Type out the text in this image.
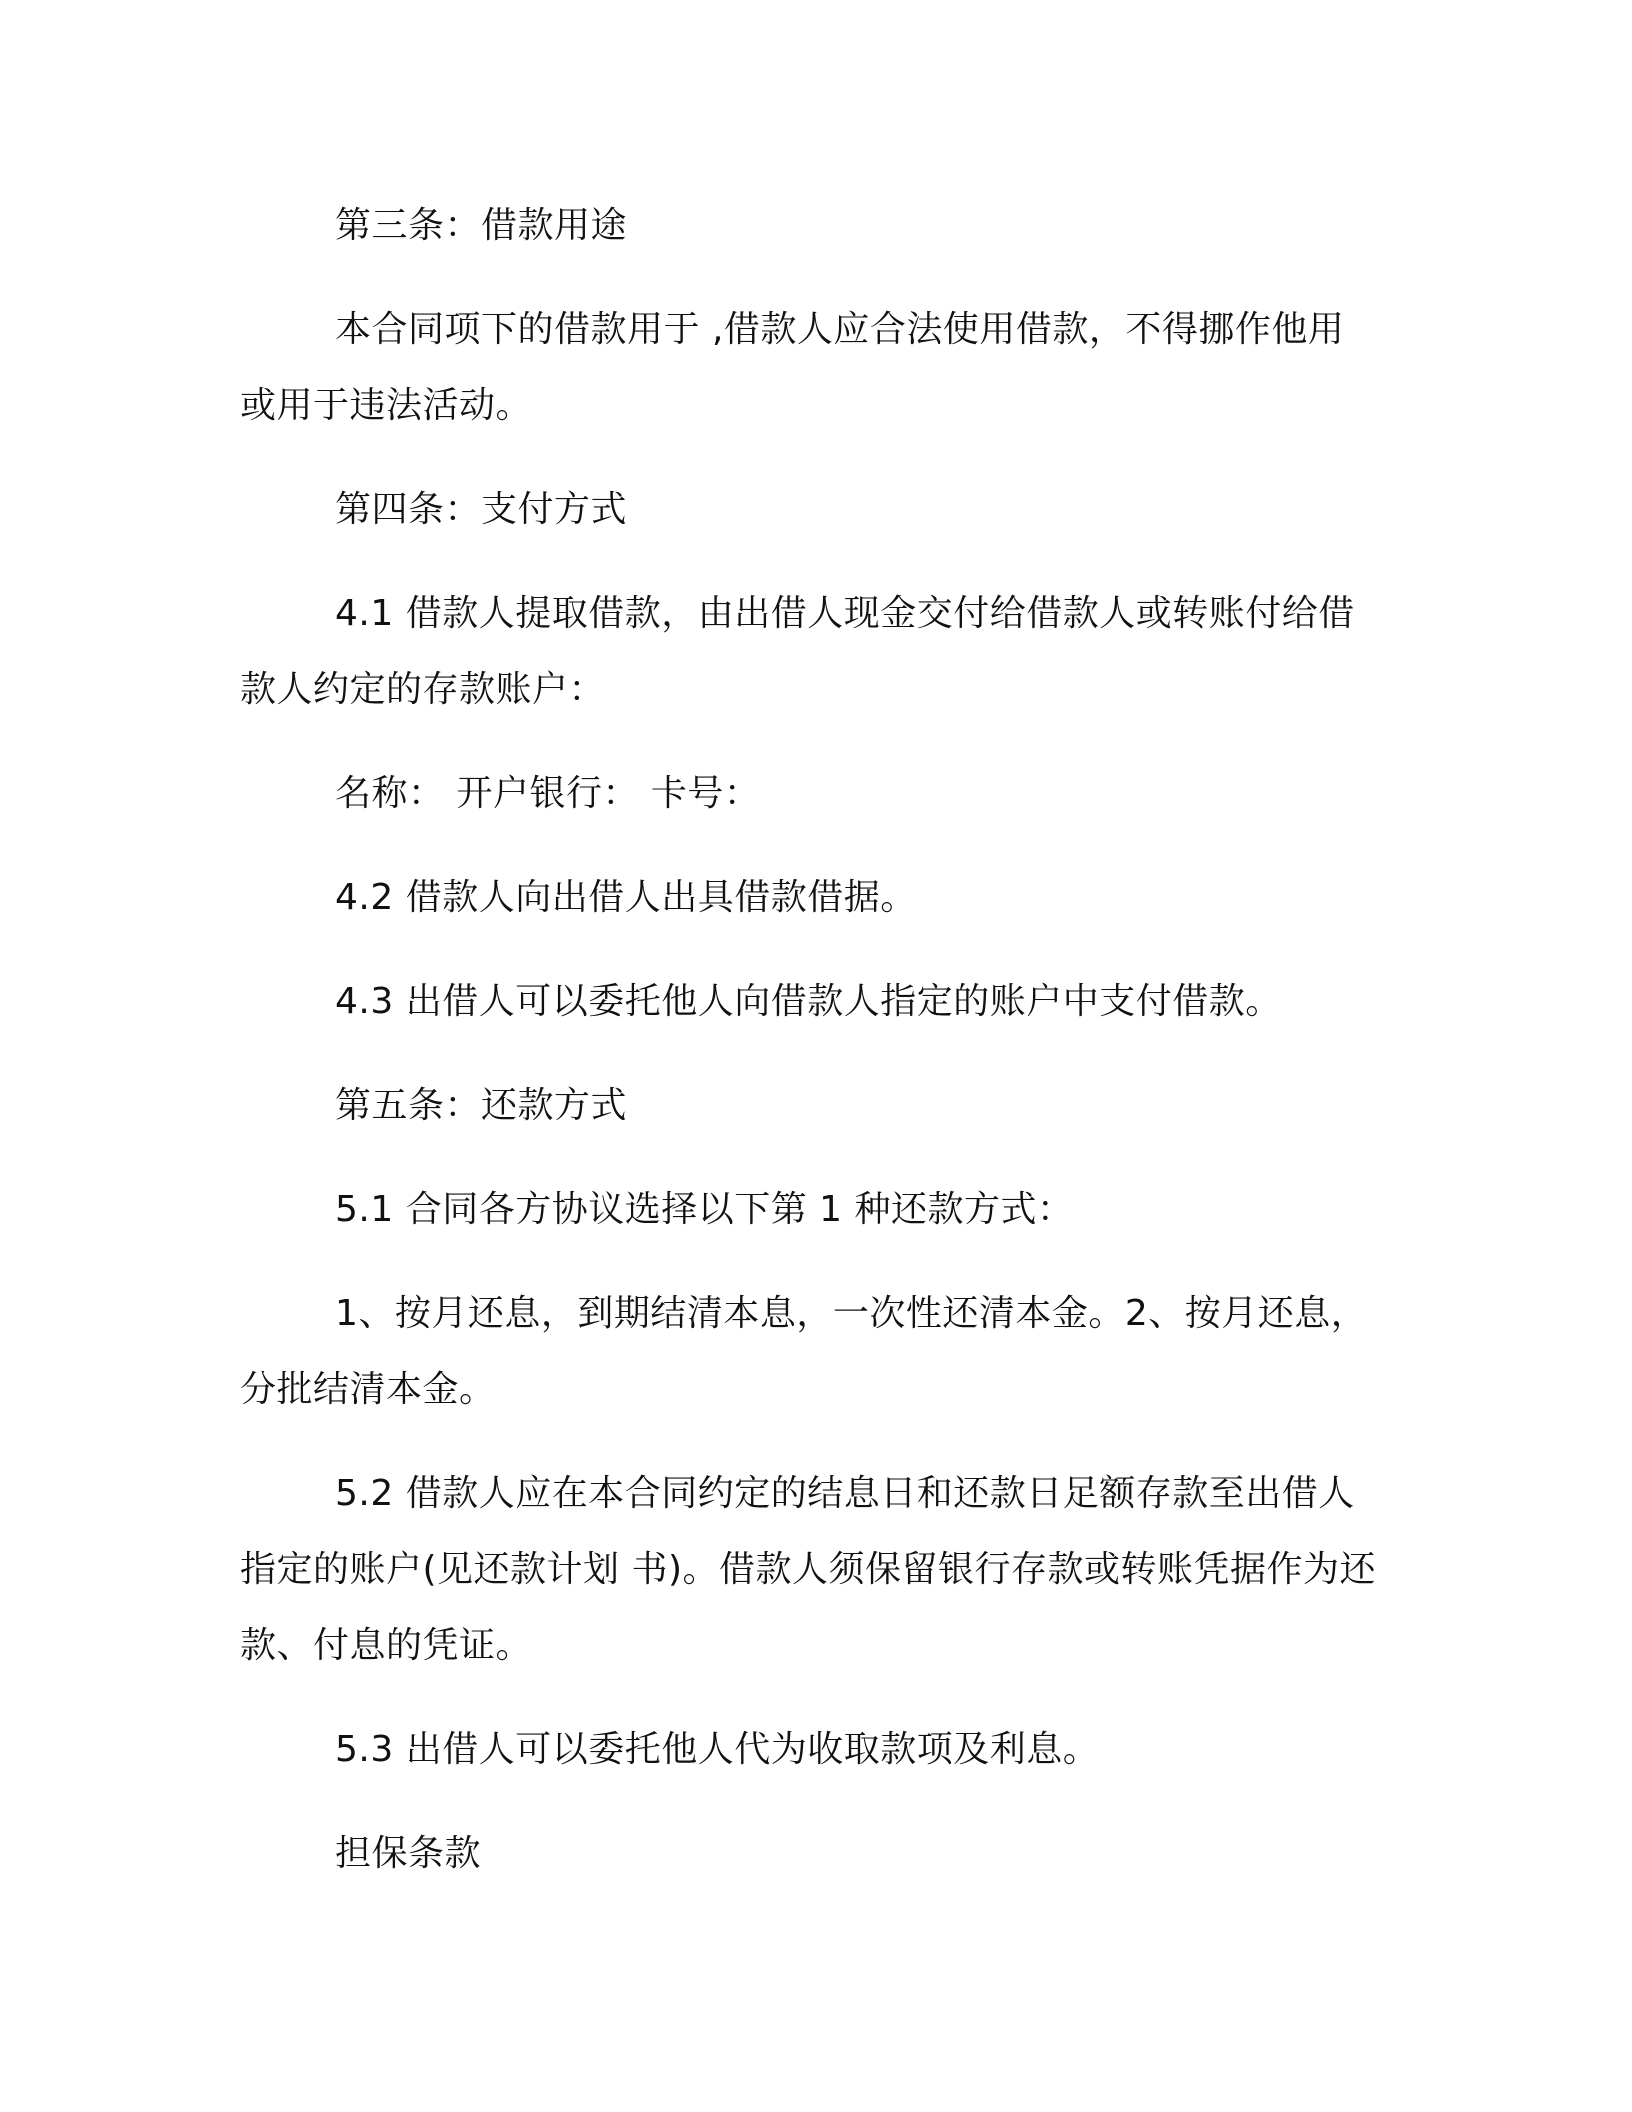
第三条：借款用途

本合同项下的借款用于 ,借款人应合法使用借款，不得挪作他用或用于违法活动。

第四条：支付方式

4.1 借款人提取借款，由出借人现金交付给借款人或转账付给借款人约定的存款账户：

名称： 开户银行： 卡号：

4.2 借款人向出借人出具借款借据。

4.3 出借人可以委托他人向借款人指定的账户中支付借款。

第五条：还款方式

5.1 合同各方协议选择以下第 1 种还款方式：

1、按月还息，到期结清本息，一次性还清本金。2、按月还息，分批结清本金。

5.2 借款人应在本合同约定的结息日和还款日足额存款至出借人指定的账户(见还款计划 书)。借款人须保留银行存款或转账凭据作为还款、付息的凭证。

5.3 出借人可以委托他人代为收取款项及利息。

担保条款
